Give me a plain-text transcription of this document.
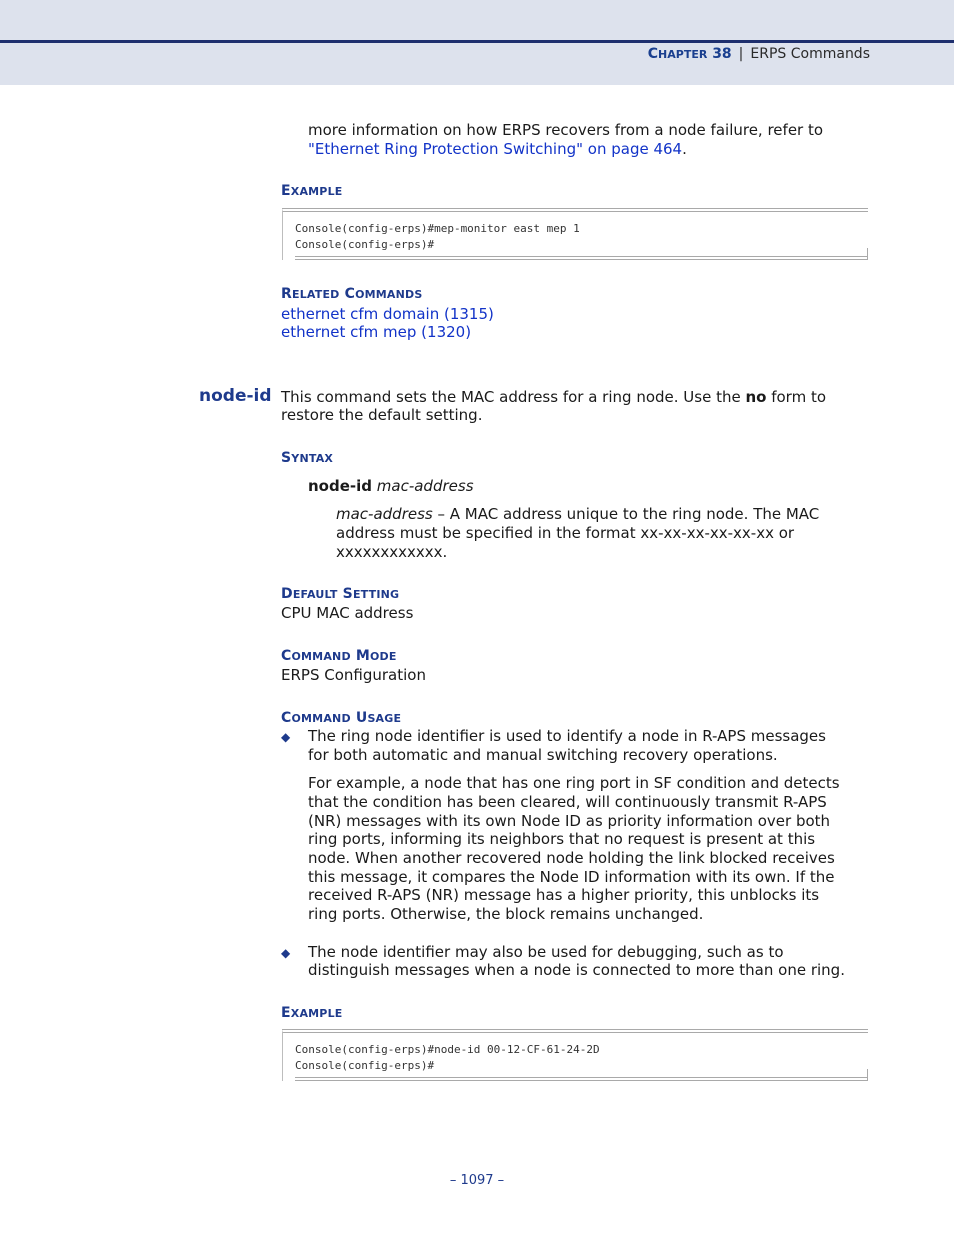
CHAPTER 38 | ERPS Commands
more information on how ERPS recovers from a node failure, refer to
"Ethernet Ring Protection Switching" on page 464.
EXAMPLE
Console(config-erps)#mep-monitor east mep 1
Console(config-erps)#
RELATED COMMANDS
ethernet cfm domain (1315)
ethernet cfm mep (1320)
node-id This command sets the MAC address for a ring node. Use the no form to
restore the default setting.
SYNTAX
node-id mac-address
mac-address – A MAC address unique to the ring node. The MAC
address must be specified in the format xx-xx-xx-xx-xx-xx or
xxxxxxxxxxxx.
DEFAULT SETTING
CPU MAC address
COMMAND MODE
ERPS Configuration
COMMAND USAGE
◆ The ring node identifier is used to identify a node in R-APS messages
for both automatic and manual switching recovery operations.
For example, a node that has one ring port in SF condition and detects
that the condition has been cleared, will continuously transmit R-APS
(NR) messages with its own Node ID as priority information over both
ring ports, informing its neighbors that no request is present at this
node. When another recovered node holding the link blocked receives
this message, it compares the Node ID information with its own. If the
received R-APS (NR) message has a higher priority, this unblocks its
ring ports. Otherwise, the block remains unchanged.
◆ The node identifier may also be used for debugging, such as to
distinguish messages when a node is connected to more than one ring.
EXAMPLE
Console(config-erps)#node-id 00-12-CF-61-24-2D
Console(config-erps)#
– 1097 –
